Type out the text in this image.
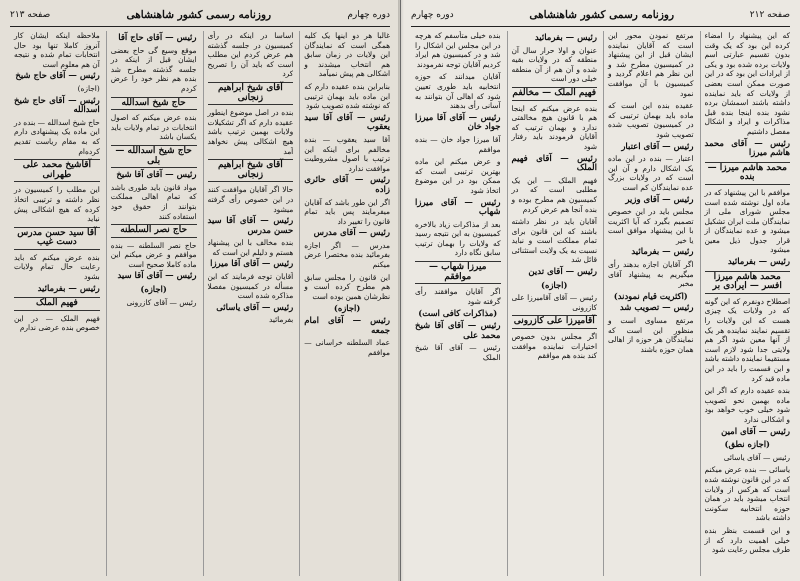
صفحه ۲۱۲
روزنامه رسمی کشور شاهنشاهی
دوره چهارم

که این پیشنهاد را امضاء کرده این بود که یک وقت بدون تقسیم عبارتی اسم ولایات برده شده بود و یکی از ایرادات این بود که در این صورت ممکن است بعضی از ولایات که باید نماینده داشته باشند اسمشان برده نشود بنده اینجا بنده قبل مذاکرات و ایراد و اشکال مفصل داشتیم

رئیس — آقای محمد هاشم میرزا
محمد هاشم میرزا — بنده

موافقم با این پیشنهاد که در ماده اول نوشته شده است مجلس شورای ملی از نمایندگان ملت ایران تشکیل میشود و عده نمایندگان از قرار جدول ذیل معین میشود

رئیس — بفرمائید
محمد هاشم میرزا افسر — ایرادی بر

اصطلاح دونفرم که این گونه که در ولایات یک چیزی هست که این ولایات را تقسیم نمایند نماینده هر یک از آنها معین شود اگر هم ولایتی جدا شود لازم است مستقیما نماینده داشته باشد و این قسمت را باید در این ماده قید کرد

بنده عقیده دارم که اگر این ماده بهمین نحو تصویب شود خیلی خوب خواهد بود و اشکالی ندارد

رئیس — آقای امین
(اجازه نطق)

رئیس — آقای یاسائی

یاسائی — بنده عرض میکنم که در این قانون نوشته شده است که هرکس از ولایات انتخاب میشود باید در همان حوزه انتخابیه سکونت داشته باشد

و این قسمت بنظر بنده خیلی اهمیت دارد که از طرف مجلس رعایت شود

مرتفع نمودن محور این است که آقایان نماینده ایشان قبل از این پیشنهاد در کمیسیون مطرح شد و این نظر هم اعلام گردید و کمیسیون با آن موافقت نمود

عقیده بنده این است که ماده باید بهمان ترتیبی که در کمیسیون تصویب شده تصویب شود

رئیس — آقای اعتبار

اعتبار — بنده در این ماده یک اشکال دارم و آن این است که در ولایات بزرگ عده نمایندگان کم است

رئیس — آقای وزیر

مجلس باید در این خصوص تصمیم بگیرد که آیا اکثریت با این پیشنهاد موافق است یا خیر

رئیس — بفرمائید

اگر آقایان اجازه بدهند رأی میگیریم به پیشنهاد آقای مخبر

(اکثریت قیام نمودند)
رئیس — تصویب شد

مرتفع مساوی است و منظور این است که نمایندگان هر حوزه از اهالی همان حوزه باشند

رئیس — بفرمائید

عنوان و اولا حرار سال آن منطقه که در ولایات بقیه شده و آن هم از آن منطقه خیلی دور است

فهیم الملک — مخالفم

بنده عرض میکنم که اینجا هم با قانون هیچ مخالفتی ندارد و بهمان ترتیب که آقایان فرمودند باید رفتار شود

رئیس — آقای فهیم الملک

فهیم الملک — این یک مطلبی است که در کمیسیون هم مطرح بوده و بنده آنجا هم عرض کردم

آقایان باید در نظر داشته باشند که این قانون برای تمام مملکت است و نباید نسبت به یک ولایت استثنائی قائل شد

رئیس — آقای تدین
(اجازه)

رئیس — آقای آقامیرزا علی کازرونی

آقامیرزا علی کازرونی

اگر مجلس بدون خصوص اختیارات نماینده موافقت کند بنده هم موافقم

بنده خیلی متأسفم که هرچه در این مجلس این اشکال را شد و در کمیسیون هم ایراد کردیم آقایان توجه نفرمودند

آقایان میدانند که حوزه انتخابیه باید طوری تعیین شود که اهالی آن بتوانند به آسانی رأی بدهند

رئیس — آقای آقا میرزا جواد خان

آقا میرزا جواد خان — بنده موافقم

و عرض میکنم این ماده بهترین ترتیبی است که ممکن بود در این موضوع اتخاذ شود

رئیس — آقای میرزا شهاب

بعد از مذاکرات زیاد بالاخره کمیسیون به این نتیجه رسید که ولایات را بهمان ترتیب سابق نگاه دارد

میرزا شهاب — موافقم

اگر آقایان موافقند رأی گرفته شود

(مذاکرات کافی است)
رئیس — آقای آقا شیخ محمد علی

رئیس — آقای آقا شیخ الملک

دوره چهارم
روزنامه رسمی کشور شاهنشاهی
صفحه ۲۱۳

غالبا هر دو اینها یک کلیه همگی است که نمایندگان این ولایات در زمان سابق هم انتخاب میشدند و اشکالی هم پیش نمیآمد

بنابراین بنده عقیده دارم که این ماده باید بهمان ترتیبی که نوشته شده تصویب شود

رئیس — آقای آقا سید یعقوب

آقا سید یعقوب — بنده مخالفم برای اینکه این ترتیب با اصول مشروطیت موافقت ندارد

رئیس — آقای حائری زاده

اگر این طور باشد که آقایان میفرمایند پس باید تمام قانون را تغییر داد

رئیس — آقای مدرس

مدرس — اگر اجازه بفرمائید بنده مختصرا عرض میکنم

این قانون را مجلس سابق هم مطرح کرده است و نظرشان همین بوده است

(اجازه)
رئیس — آقای امام جمعه

عماد السلطنه خراسانی — موافقم

اساسا در اینکه در رأی کمیسیون در جلسه گذشته هم عرض کردم این مطلب است که باید آن را تصریح کرد

آقای شیخ ابراهیم زنجانی

بنده در اصل موضوع اینطور عقیده دارم که اگر تشکیلات ولایات بهمین ترتیب باشد هیچ اشکالی پیش نخواهد آمد

آقای شیخ ابراهیم زنجانی

حالا اگر آقایان موافقت کنند در این خصوص رأی گرفته میشود

رئیس — آقای آقا سید حسن مدرس

بنده مخالف با این پیشنهاد هستم و دلیلم این است که

رئیس — آقای آقا میرزا

آقایان توجه فرمایند که این مسأله در کمیسیون مفصلا مذاکره شده است

رئیس — آقای یاسائی

بفرمائید

رئیس — آقای حاج آقا

موقع وسیع گی حاج بعضی ایشان قبل از اینکه در جلسه گذشته مطرح شد بنده هم نظر خود را عرض کردم

حاج شیخ اسدالله

بنده عرض میکنم که اصول انتخابات در تمام ولایات باید یکسان باشد

حاج شیخ اسدالله — بلی
رئیس — آقای آقا شیخ

مواد قانون باید طوری باشد که تمام اهالی مملکت بتوانند از حقوق خود استفاده کنند

حاج نصر السلطنه

حاج نصر السلطنه — بنده موافقم و عرض میکنم این ماده کاملا صحیح است

رئیس — آقای آقا سید
(اجازه)

رئیس — آقای کازرونی

ملاحظه اینکه ایشان کار آنروز کاملا تنها بود حال انتخابات تمام شده و نتیجه آن هم معلوم است

رئیس — آقای حاج شیخ

(اجازه)

رئیس — آقای حاج شیخ اسدالله

حاج شیخ اسدالله — بنده در این ماده یک پیشنهادی دارم که به مقام ریاست تقدیم کرده‌ام

آقاشیخ محمد علی طهرانی

این مطلب را کمیسیون در نظر داشته و ترتیبی اتخاذ کرده که هیچ اشکالی پیش نیاید

آقا سید حسن مدرس دست غیب

بنده عرض میکنم که باید رعایت حال تمام ولایات بشود

رئیس — بفرمائید
فهیم الملک

فهیم الملک — در این خصوص بنده عرضی ندارم
